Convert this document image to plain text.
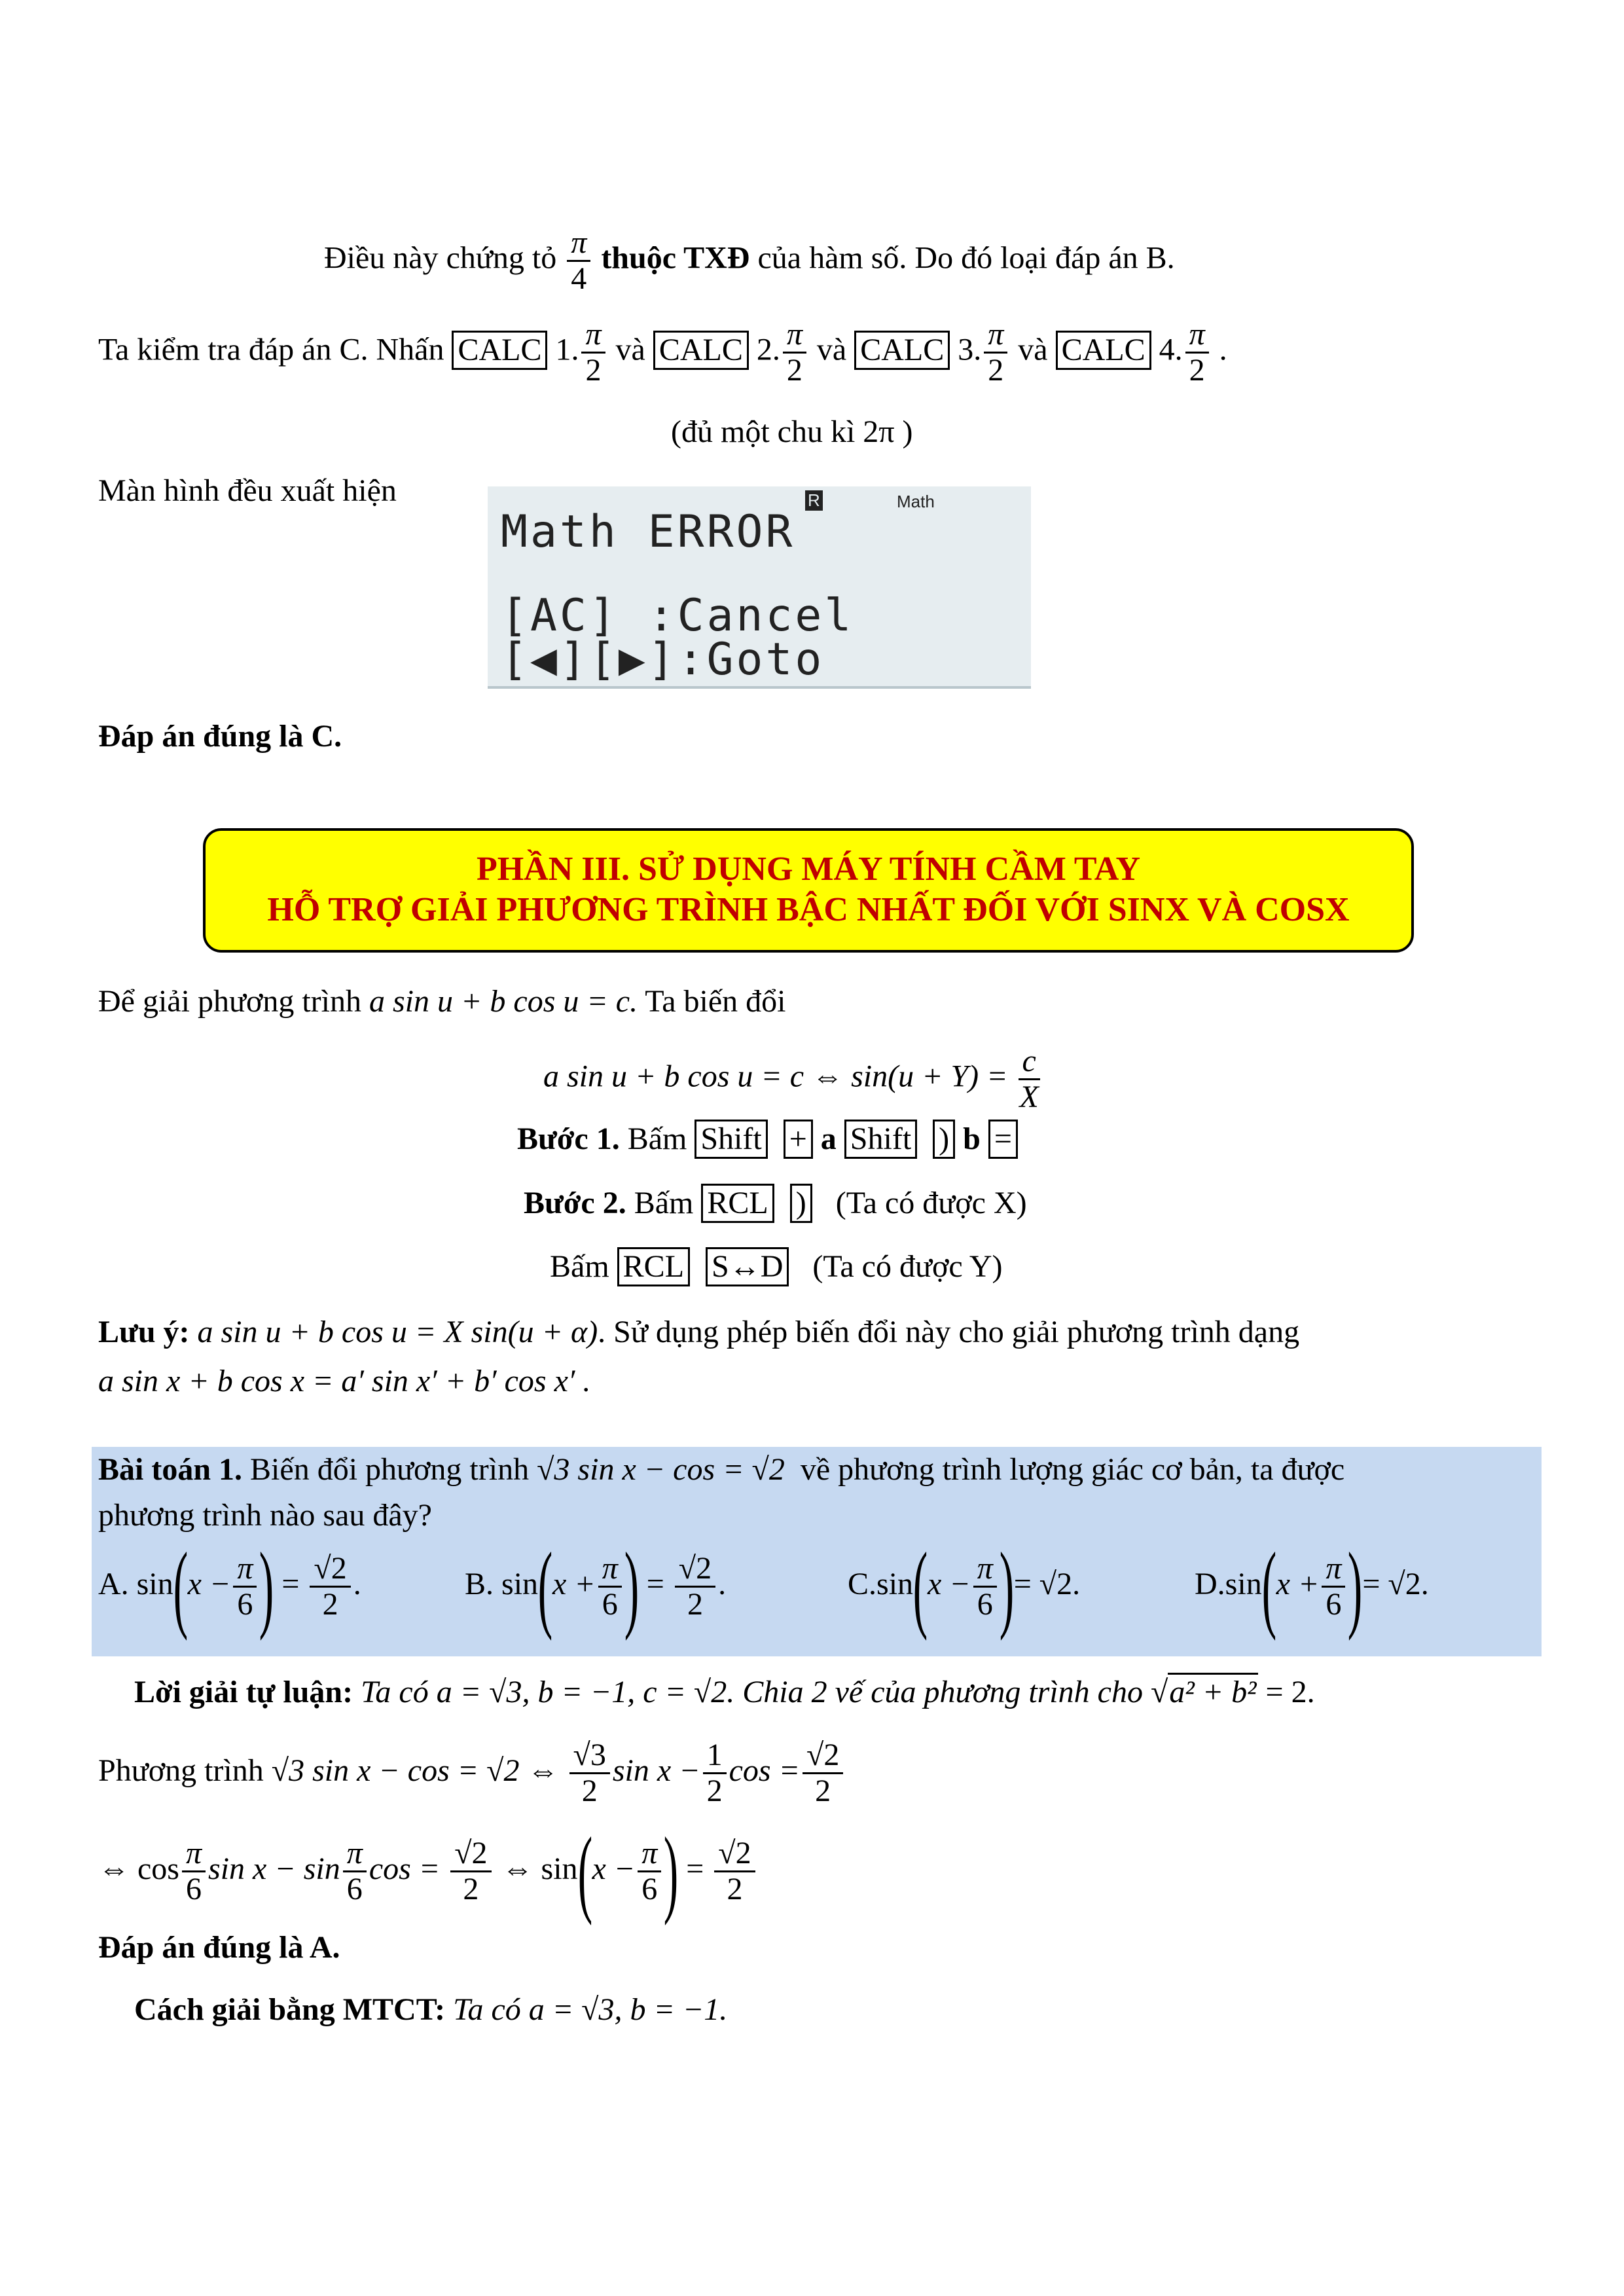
Điều này chứng tỏ $\frac{\pi}{4}$ thuộc TXĐ của hàm số. Do đó loại đáp án B.
Ta kiểm tra đáp án C. Nhấn CALC 1. $\frac{\pi}{2}$ và CALC 2. $\frac{\pi}{2}$ và CALC 3. $\frac{\pi}{2}$ và CALC 4. $\frac{\pi}{2}$ .
(đủ một chu kì 2π )
Màn hình đều xuất hiện	R	Math
Math ERROR
[AC] :Cancel
[◀][▶]:Goto
Đáp án đúng là C.
PHẦN III. SỬ DỤNG MÁY TÍNH CẦM TAY
HỖ TRỢ GIẢI PHƯƠNG TRÌNH BẬC NHẤT ĐỐI VỚI SINX VÀ COSX
Để giải phương trình a sin u + b cos u = c. Ta biến đổi
a sin u + b cos u = c ⇔ $\sin(u + Y) = \frac{c}{X}$
Bước 1. Bấm Shift + a Shift ) b =
Bước 2. Bấm RCL ) (Ta có được X)
Bấm RCL S↔D (Ta có được Y)
Lưu ý: a sin u + b cos u = X sin(u + α). Sử dụng phép biến đổi này cho giải phương trình dạng
a sin x + b cos x = a′ sin x′ + b′ cos x′ .
Bài toán 1. Biến đổi phương trình √3 sin x − cos = √2 về phương trình lượng giác cơ bản, ta được
phương trình nào sau đây?
A. $\sin(x - \frac{\pi}{6}$ ) = $\frac{√2}{2}$ .	B. $\sin(x + \frac{\pi}{6}$ ) = $\frac{√2}{2}$ .	$C.\sin(x - \frac{\pi}{6}$ )= √2.	$D.\sin(x + \frac{\pi}{6}$ )= √2.
Lời giải tự luận: Ta có a = √3, b = −1, c = √2. Chia 2 vế của phương trình cho √a² + b² = 2.
Phương trình √3 sin x − cos = √2 ⇔ $\frac{√3}{2}$ $\sin x - \frac{1}{2}$ $\cos = \frac{√2}{2}$
⇔ $\cos \frac{\pi}{6}$ $\sin x - \sin \frac{\pi}{6}$ $\cos = \frac{√2}{2}$ ⇔ $\sin(x - \frac{\pi}{6}$ ) = $\frac{√2}{2}$
Đáp án đúng là A.
Cách giải bằng MTCT: Ta có a = √3, b = −1.
